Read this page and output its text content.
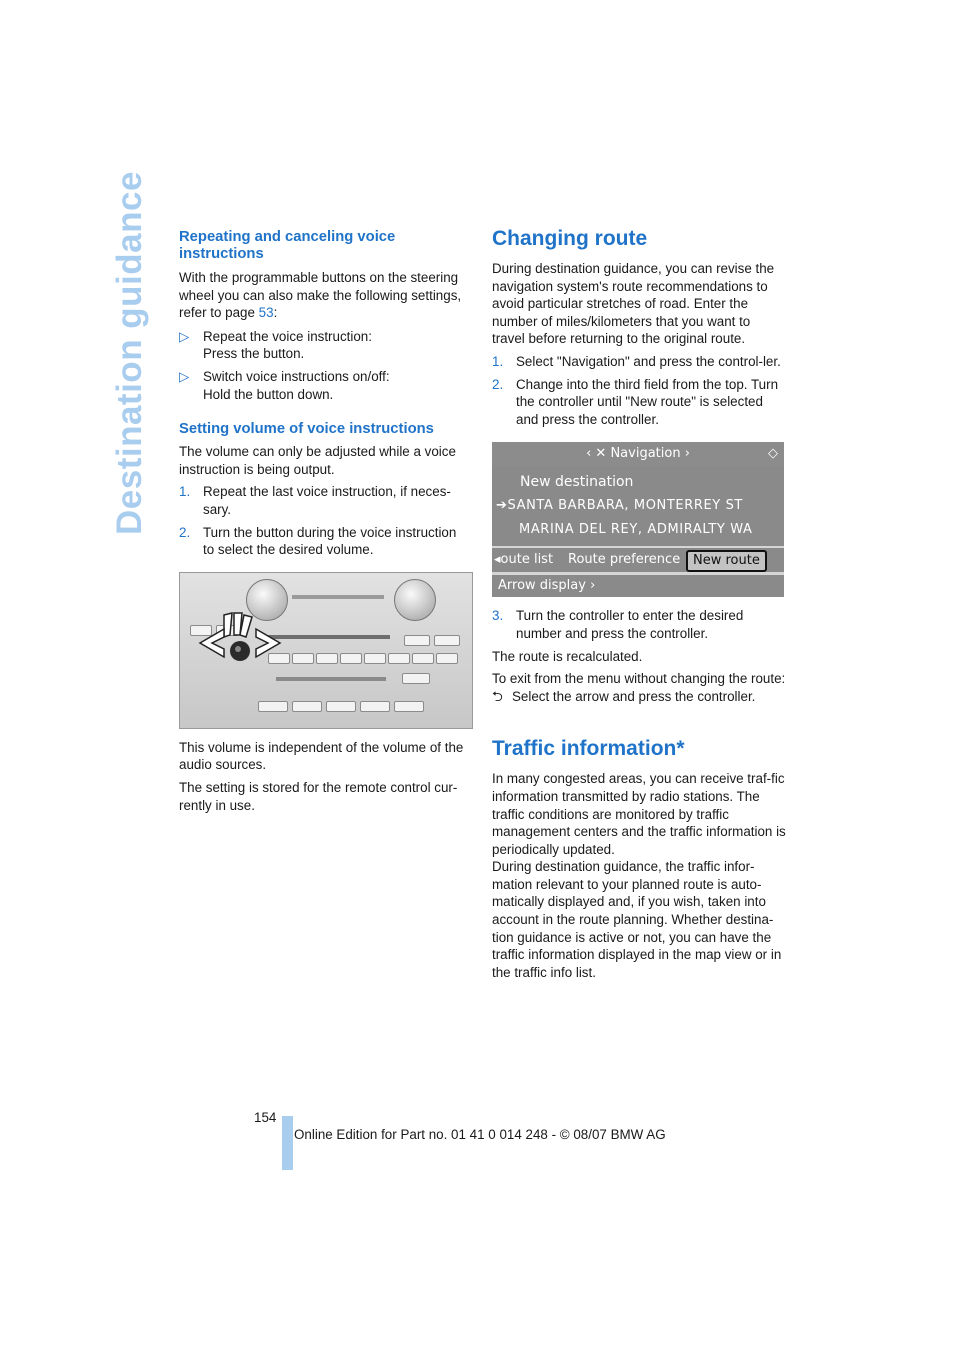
Destination guidance Repeating and canceling voice instructions

With the programmable buttons on the steering wheel you can also make the following settings, refer to page 53:

▷ Repeat the voice instruction:
Press the button.
▷ Switch voice instructions on/off:
Hold the button down.
Setting volume of voice instructions

The volume can only be adjusted while a voice instruction is being output.

1. Repeat the last voice instruction, if neces-sary.
2. Turn the button during the voice instruction to select the desired volume.

This volume is independent of the volume of the audio sources.

The setting is stored for the remote control cur-rently in use.

Changing route

During destination guidance, you can revise the navigation system's route recommendations to avoid particular stretches of road. Enter the number of miles/kilometers that you want to travel before returning to the original route.

1. Select "Navigation" and press the control-ler.
2. Change into the third field from the top. Turn the controller until "New route" is selected and press the controller.
‹ ✕ Navigation ›	◇
New destination
➔SANTA BARBARA, MONTERREY ST
MARINA DEL REY, ADMIRALTY WA
◂oute list Route preference New route
Arrow display ›
3. Turn the controller to enter the desired number and press the controller.

The route is recalculated.

To exit from the menu without changing the route:

⮌ Select the arrow and press the controller.

Traffic information*

In many congested areas, you can receive traf-fic information transmitted by radio stations. The traffic conditions are monitored by traffic management centers and the traffic information is periodically updated.

During destination guidance, the traffic infor-mation relevant to your planned route is auto-matically displayed and, if you wish, taken into account in the route planning. Whether destina-tion guidance is active or not, you can have the traffic information displayed in the map view or in the traffic info list.

154
Online Edition for Part no. 01 41 0 014 248 - © 08/07 BMW AG
